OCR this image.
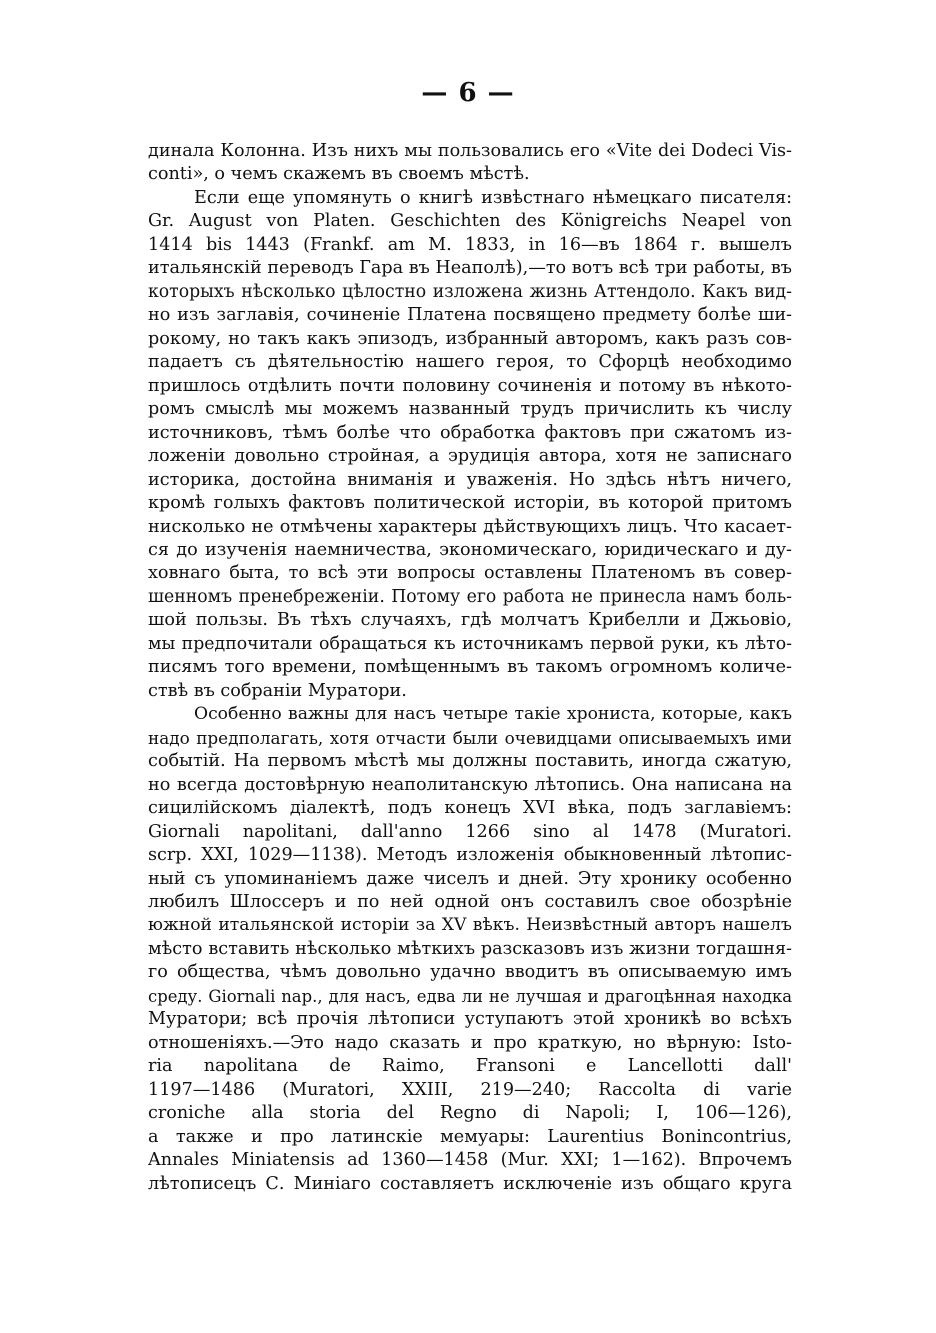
— 6 —
динала Колонна. Изъ нихъ мы пользовались его «Vite dei Dodeci Vis-
conti», о чемъ скажемъ въ своемъ мѣстѣ.
Если еще упомянуть о книгѣ извѣстнаго нѣмецкаго писателя:
Gr. August von Platen. Geschichten des Königreichs Neapel von
1414 bis 1443 (Frankf. am M. 1833, in 16—въ 1864 г. вышелъ
итальянскій переводъ Гара въ Неаполѣ),—то вотъ всѣ три работы, въ
которыхъ нѣсколько цѣлостно изложена жизнь Аттендоло. Какъ вид-
но изъ заглавія, сочиненіе Платена посвящено предмету болѣе ши-
рокому, но такъ какъ эпизодъ, избранный авторомъ, какъ разъ сов-
падаетъ съ дѣятельностію нашего героя, то Сфорцѣ необходимо
пришлось отдѣлить почти половину сочиненія и потому въ нѣкото-
ромъ смыслѣ мы можемъ названный трудъ причислить къ числу
источниковъ, тѣмъ болѣе что обработка фактовъ при сжатомъ из-
ложеніи довольно стройная, а эрудиція автора, хотя не записнаго
историка, достойна вниманія и уваженія. Но здѣсь нѣтъ ничего,
кромѣ голыхъ фактовъ политической исторіи, въ которой притомъ
нисколько не отмѣчены характеры дѣйствующихъ лицъ. Что касает-
ся до изученія наемничества, экономическаго, юридическаго и ду-
ховнаго быта, то всѣ эти вопросы оставлены Платеномъ въ совер-
шенномъ пренебреженіи. Потому его работа не принесла намъ боль-
шой пользы. Въ тѣхъ случаяхъ, гдѣ молчатъ Крибелли и Джьовіо,
мы предпочитали обращаться къ источникамъ первой руки, къ лѣто-
писямъ того времени, помѣщеннымъ въ такомъ огромномъ количе-
ствѣ въ собраніи Муратори.
Особенно важны для насъ четыре такіе хрониста, которые, какъ
надо предполагать, хотя отчасти были очевидцами описываемыхъ ими
событій. На первомъ мѣстѣ мы должны поставить, иногда сжатую,
но всегда достовѣрную неаполитанскую лѣтопись. Она написана на
сицилійскомъ діалектѣ, подъ конецъ XVI вѣка, подъ заглавіемъ:
Giornali napolitani, dall'anno 1266 sino al 1478 (Muratori.
scrp. XXI, 1029—1138). Методъ изложенія обыкновенный лѣтопис-
ный съ упоминаніемъ даже чиселъ и дней. Эту хронику особенно
любилъ Шлоссеръ и по ней одной онъ составилъ свое обозрѣніе
южной итальянской исторіи за XV вѣкъ. Неизвѣстный авторъ нашелъ
мѣсто вставить нѣсколько мѣткихъ разсказовъ изъ жизни тогдашня-
го общества, чѣмъ довольно удачно вводитъ въ описываемую имъ
среду. Giornali nap., для насъ, едва ли не лучшая и драгоцѣнная находка
Муратори; всѣ прочія лѣтописи уступаютъ этой хроникѣ во всѣхъ
отношеніяхъ.—Это надо сказать и про краткую, но вѣрную: Isto-
ria napolitana de Raimo, Fransoni e Lancellotti dall'
1197—1486 (Muratori, XXIII, 219—240; Raccolta di varie
croniche alla storia del Regno di Napoli; I, 106—126),
а также и про латинскіе мемуары: Laurentius Bonincontrius,
Annales Miniatensis ad 1360—1458 (Mur. XXI; 1—162). Впрочемъ
лѣтописецъ С. Миніаго составляетъ исключеніе изъ общаго круга
